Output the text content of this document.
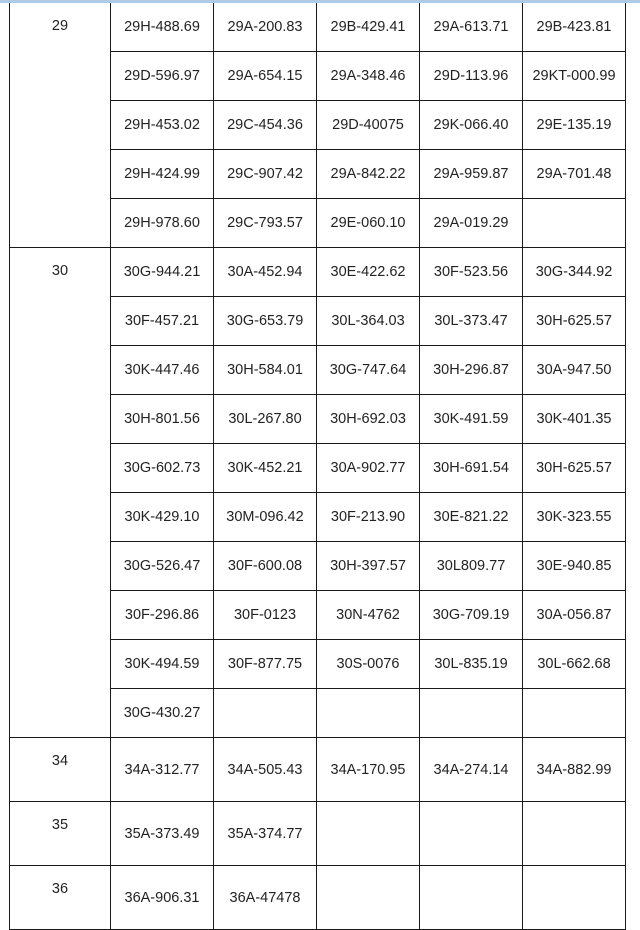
29	29H-488.69	29A-200.83	29B-429.41	29A-613.71	29B-423.81
	29D-596.97	29A-654.15	29A-348.46	29D-113.96	29KT-000.99
	29H-453.02	29C-454.36	29D-40075	29K-066.40	29E-135.19
	29H-424.99	29C-907.42	29A-842.22	29A-959.87	29A-701.48
	29H-978.60	29C-793.57	29E-060.10	29A-019.29	
30	30G-944.21	30A-452.94	30E-422.62	30F-523.56	30G-344.92
	30F-457.21	30G-653.79	30L-364.03	30L-373.47	30H-625.57
	30K-447.46	30H-584.01	30G-747.64	30H-296.87	30A-947.50
	30H-801.56	30L-267.80	30H-692.03	30K-491.59	30K-401.35
	30G-602.73	30K-452.21	30A-902.77	30H-691.54	30H-625.57
	30K-429.10	30M-096.42	30F-213.90	30E-821.22	30K-323.55
	30G-526.47	30F-600.08	30H-397.57	30L809.77	30E-940.85
	30F-296.86	30F-0123	30N-4762	30G-709.19	30A-056.87
	30K-494.59	30F-877.75	30S-0076	30L-835.19	30L-662.68
	30G-430.27				
34	34A-312.77	34A-505.43	34A-170.95	34A-274.14	34A-882.99
35	35A-373.49	35A-374.77			
36	36A-906.31	36A-47478			
